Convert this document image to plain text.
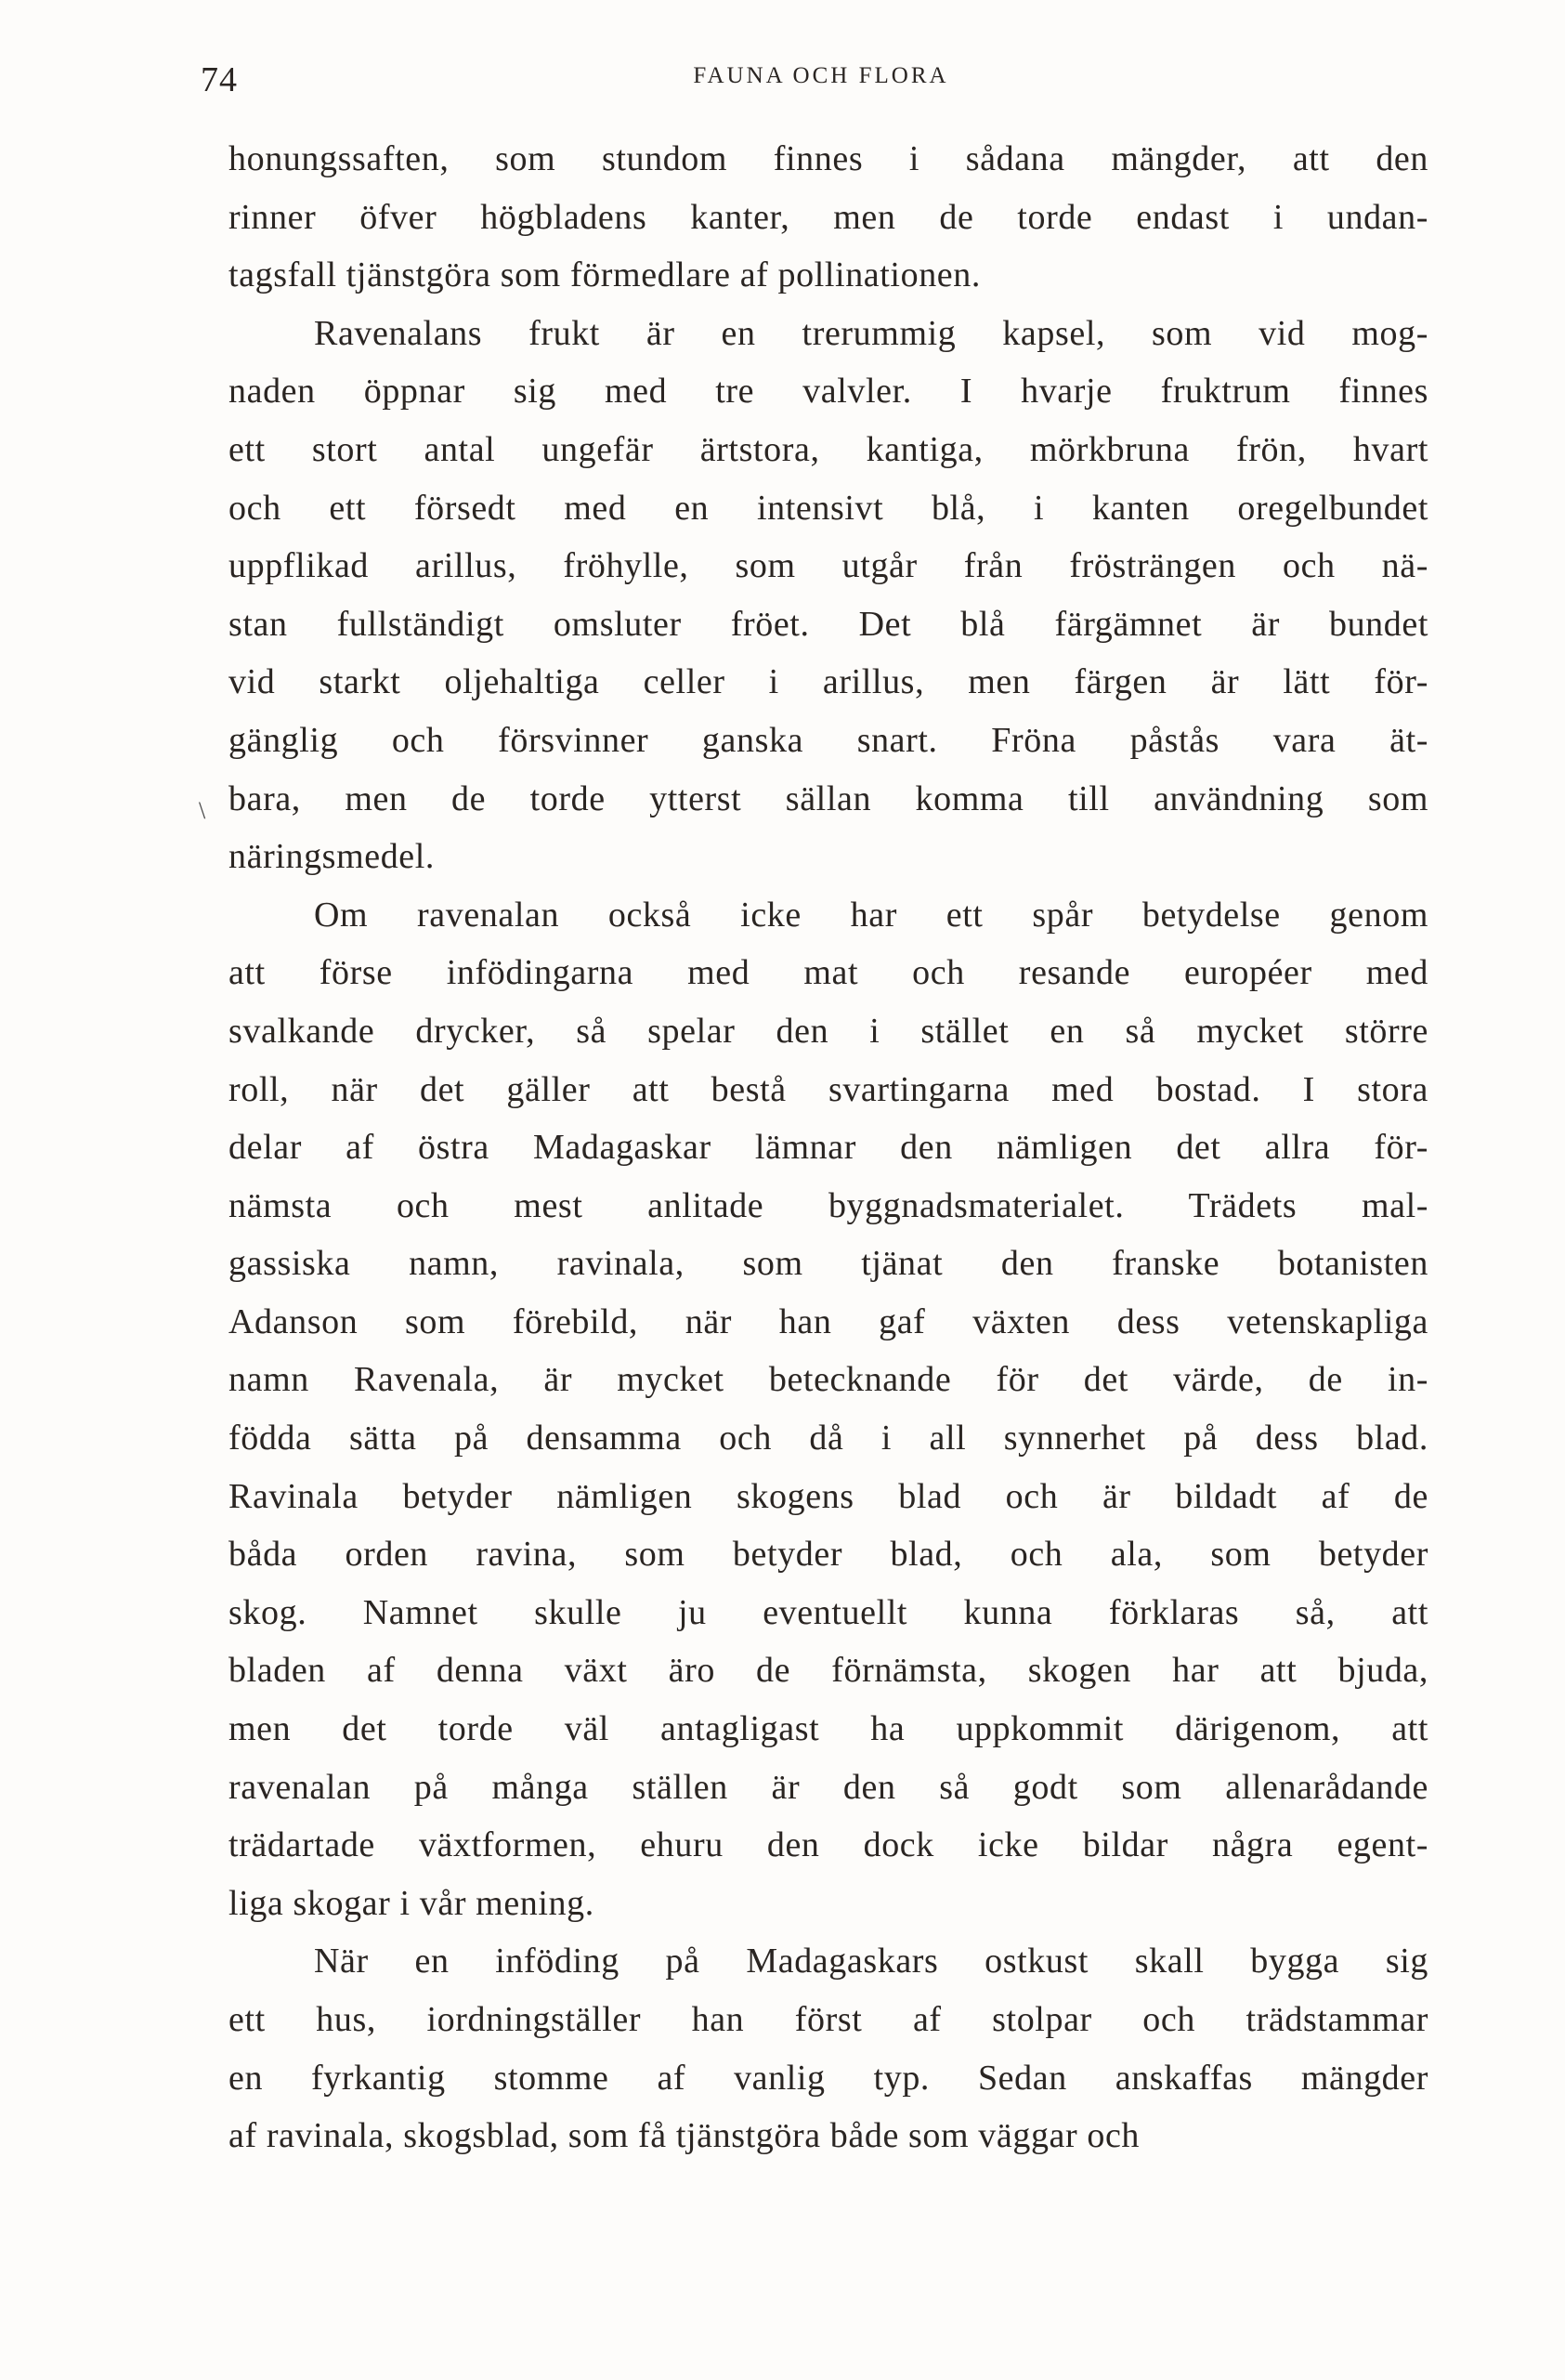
74	FAUNA OCH FLORA
\
honungssaften, som stundom finnes i sådana mängder, att den
rinner öfver högbladens kanter, men de torde endast i undan-
tagsfall tjänstgöra som förmedlare af pollinationen.
Ravenalans frukt är en trerummig kapsel, som vid mog-
naden öppnar sig med tre valvler. I hvarje fruktrum finnes
ett stort antal ungefär ärtstora, kantiga, mörkbruna frön, hvart
och ett försedt med en intensivt blå, i kanten oregelbundet
uppflikad arillus, fröhylle, som utgår från frösträngen och nä-
stan fullständigt omsluter fröet. Det blå färgämnet är bundet
vid starkt oljehaltiga celler i arillus, men färgen är lätt för-
gänglig och försvinner ganska snart. Fröna påstås vara ät-
bara, men de torde ytterst sällan komma till användning som
näringsmedel.
Om ravenalan också icke har ett spår betydelse genom
att förse infödingarna med mat och resande européer med
svalkande drycker, så spelar den i stället en så mycket större
roll, när det gäller att bestå svartingarna med bostad. I stora
delar af östra Madagaskar lämnar den nämligen det allra för-
nämsta och mest anlitade byggnadsmaterialet. Trädets mal-
gassiska namn, ravinala, som tjänat den franske botanisten
Adanson som förebild, när han gaf växten dess vetenskapliga
namn Ravenala, är mycket betecknande för det värde, de in-
födda sätta på densamma och då i all synnerhet på dess blad.
Ravinala betyder nämligen skogens blad och är bildadt af de
båda orden ravina, som betyder blad, och ala, som betyder
skog. Namnet skulle ju eventuellt kunna förklaras så, att
bladen af denna växt äro de förnämsta, skogen har att bjuda,
men det torde väl antagligast ha uppkommit därigenom, att
ravenalan på många ställen är den så godt som allenarådande
trädartade växtformen, ehuru den dock icke bildar några egent-
liga skogar i vår mening.
När en inföding på Madagaskars ostkust skall bygga sig
ett hus, iordningställer han först af stolpar och trädstammar
en fyrkantig stomme af vanlig typ. Sedan anskaffas mängder
af ravinala, skogsblad, som få tjänstgöra både som väggar och
